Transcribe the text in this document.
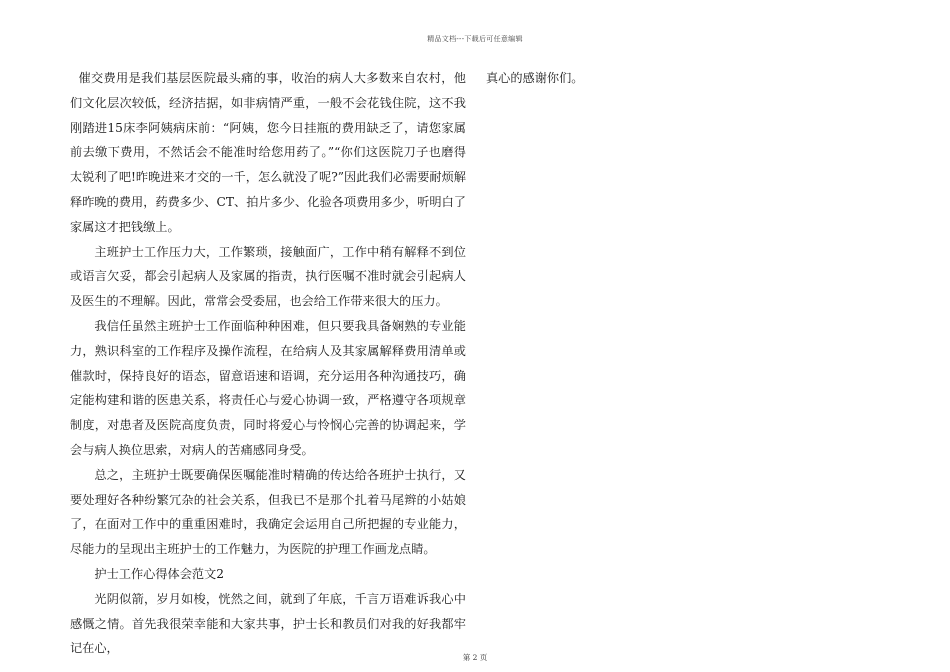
精品文档---下载后可任意编辑

催交费用是我们基层医院最头痛的事，收治的病人大多数来自农村，他们文化层次较低，经济拮据，如非病情严重，一般不会花钱住院，这不我刚踏进15床李阿姨病床前：“阿姨，您今日挂瓶的费用缺乏了，请您家属前去缴下费用，不然话会不能准时给您用药了。”“你们这医院刀子也磨得太锐利了吧!昨晚进来才交的一千，怎么就没了呢?”因此我们必需要耐烦解释昨晚的费用，药费多少、CT、拍片多少、化验各项费用多少，听明白了家属这才把钱缴上。

主班护士工作压力大，工作繁琐，接触面广，工作中稍有解释不到位或语言欠妥，都会引起病人及家属的指责，执行医嘱不准时就会引起病人及医生的不理解。因此，常常会受委屈，也会给工作带来很大的压力。

我信任虽然主班护士工作面临种种困难，但只要我具备娴熟的专业能力，熟识科室的工作程序及操作流程，在给病人及其家属解释费用清单或催款时，保持良好的语态，留意语速和语调，充分运用各种沟通技巧，确定能构建和谐的医患关系，将责任心与爱心协调一致，严格遵守各项规章制度，对患者及医院高度负责，同时将爱心与怜悯心完善的协调起来，学会与病人换位思索，对病人的苦痛感同身受。

总之，主班护士既要确保医嘱能准时精确的传达给各班护士执行，又要处理好各种纷繁冗杂的社会关系，但我已不是那个扎着马尾辫的小姑娘了，在面对工作中的重重困难时，我确定会运用自己所把握的专业能力，尽能力的呈现出主班护士的工作魅力，为医院的护理工作画龙点睛。

护士工作心得体会范文2

光阴似箭，岁月如梭，恍然之间，就到了年底，千言万语难诉我心中感慨之情。首先我很荣幸能和大家共事，护士长和教员们对我的好我都牢记在心，

真心的感谢你们。

第 2 页
